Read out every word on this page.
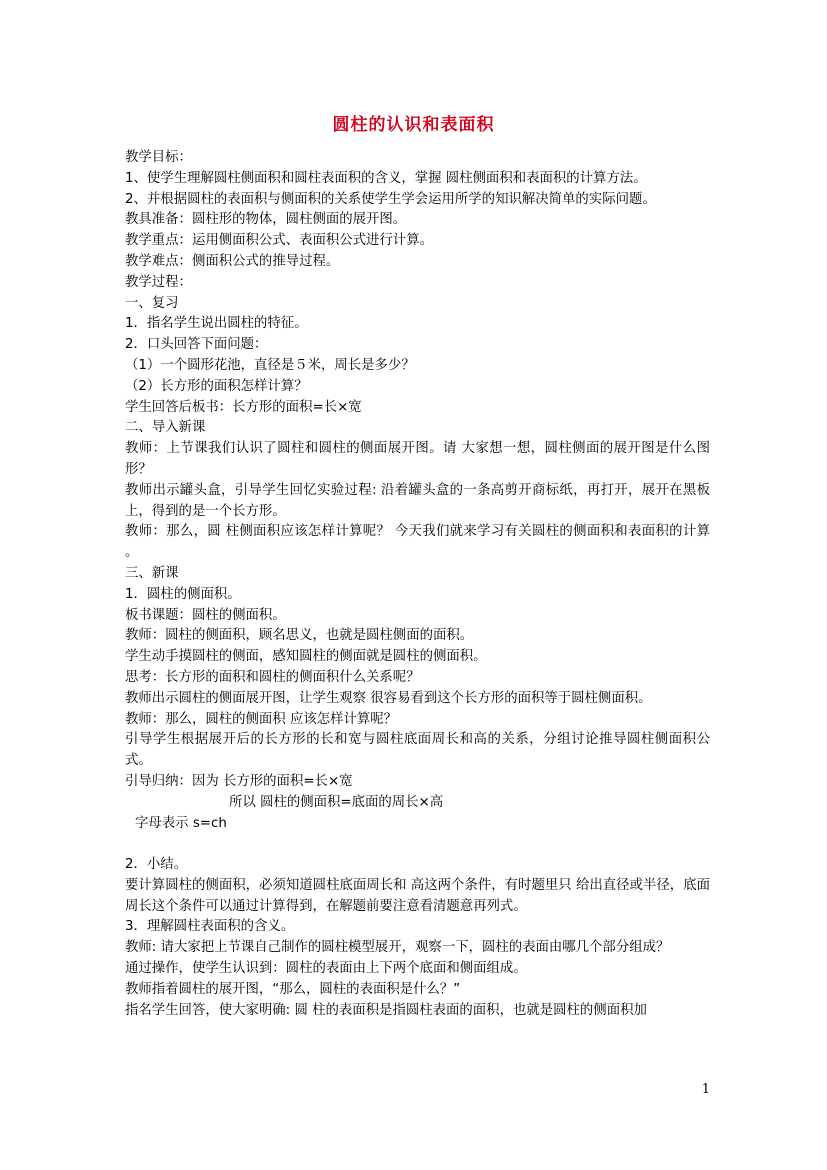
圆柱的认识和表面积

教学目标：

1、使学生理解圆柱侧面积和圆柱表面积的含义，掌握 圆柱侧面积和表面积的计算方法。

2、并根据圆柱的表面积与侧面积的关系使学生学会运用所学的知识解决简单的实际问题。

教具准备：圆柱形的物体，圆柱侧面的展开图。

教学重点：运用侧面积公式、表面积公式进行计算。

教学难点：侧面积公式的推导过程。

教学过程：

一、复习

1．指名学生说出圆柱的特征。

2．口头回答下面问题：

（1）一个圆形花池，直径是５米，周长是多少？

（2）长方形的面积怎样计算？

学生回答后板书：长方形的面积=长×宽

二、导入新课

教师：上节课我们认识了圆柱和圆柱的侧面展开图。请 大家想一想，圆柱侧面的展开图是什么图形？

教师出示罐头盒，引导学生回忆实验过程: 沿着罐头盒的一条高剪开商标纸，再打开，展开在黑板上，得到的是一个长方形。

教师：那么，圆 柱侧面积应该怎样计算呢？ 今天我们就来学习有关圆柱的侧面积和表面积的计算 。

三、新课

1．圆柱的侧面积。

板书课题：圆柱的侧面积。

教师：圆柱的侧面积，顾名思义，也就是圆柱侧面的面积。

学生动手摸圆柱的侧面，感知圆柱的侧面就是圆柱的侧面积。

思考：长方形的面积和圆柱的侧面积什么关系呢？

教师出示圆柱的侧面展开图，让学生观察 很容易看到这个长方形的面积等于圆柱侧面积。

教师：那么，圆柱的侧面积 应该怎样计算呢？

引导学生根据展开后的长方形的长和宽与圆柱底面周长和高的关系，分组讨论推导圆柱侧面积公式。

引导归纳：因为 长方形的面积=长×宽

所以 圆柱的侧面积=底面的周长×高

字母表示 s=ch

2．小结。

要计算圆柱的侧面积，必须知道圆柱底面周长和 高这两个条件，有时题里只 给出直径或半径，底面周长这个条件可以通过计算得到，在解题前要注意看清题意再列式。

3．理解圆柱表面积的含义。

教师: 请大家把上节课自己制作的圆柱模型展开，观察一下，圆柱的表面由哪几个部分组成？

通过操作，使学生认识到：圆柱的表面由上下两个底面和侧面组成。

教师指着圆柱的展开图，“那么，圆柱的表面积是什么？”

指名学生回答，使大家明确: 圆 柱的表面积是指圆柱表面的面积，也就是圆柱的侧面积加

1
